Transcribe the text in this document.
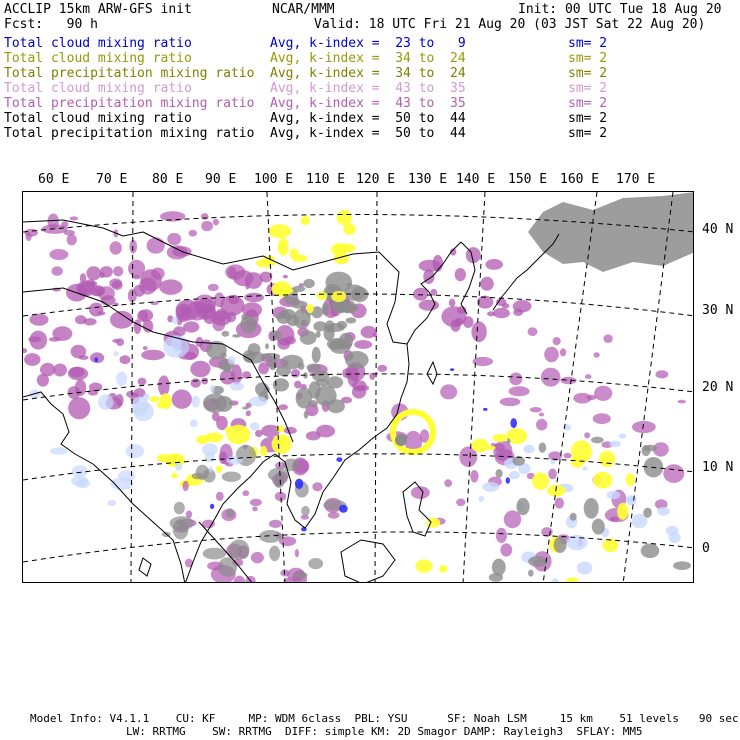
ACCLIP 15km ARW-GFS init	NCAR/MMM	Init: 00 UTC Tue 18 Aug 20
Fcst:   90 h	Valid: 18 UTC Fri 21 Aug 20 (03 JST Sat 22 Aug 20)
Total cloud mixing ratio	Avg, k-index =  23 to   9	sm= 2
Total cloud mixing ratio	Avg, k-index =  34 to  24	sm= 2
Total precipitation mixing ratio Avg, k-index =  34 to  24	sm= 2
Total cloud mixing ratio	Avg, k-index =  43 to  35	sm= 2
Total precipitation mixing ratio Avg, k-index =  43 to  35	sm= 2
Total cloud mixing ratio	Avg, k-index =  50 to  44	sm= 2
Total precipitation mixing ratio Avg, k-index =  50 to  44	sm= 2
60 E 70 E 80 E 90 E 100 E 110 E 120 E 130 E 140 E 150 E 160 E 170 E
40 N
30 N
20 N
10 N
0
Model Info: V4.1.1    CU: KF     MP: WDM 6class  PBL: YSU      SF: Noah LSM     15 km    51 levels   90 sec
LW: RRTMG    SW: RRTMG  DIFF: simple KM: 2D Smagor DAMP: Rayleigh3  SFLAY: MM5
